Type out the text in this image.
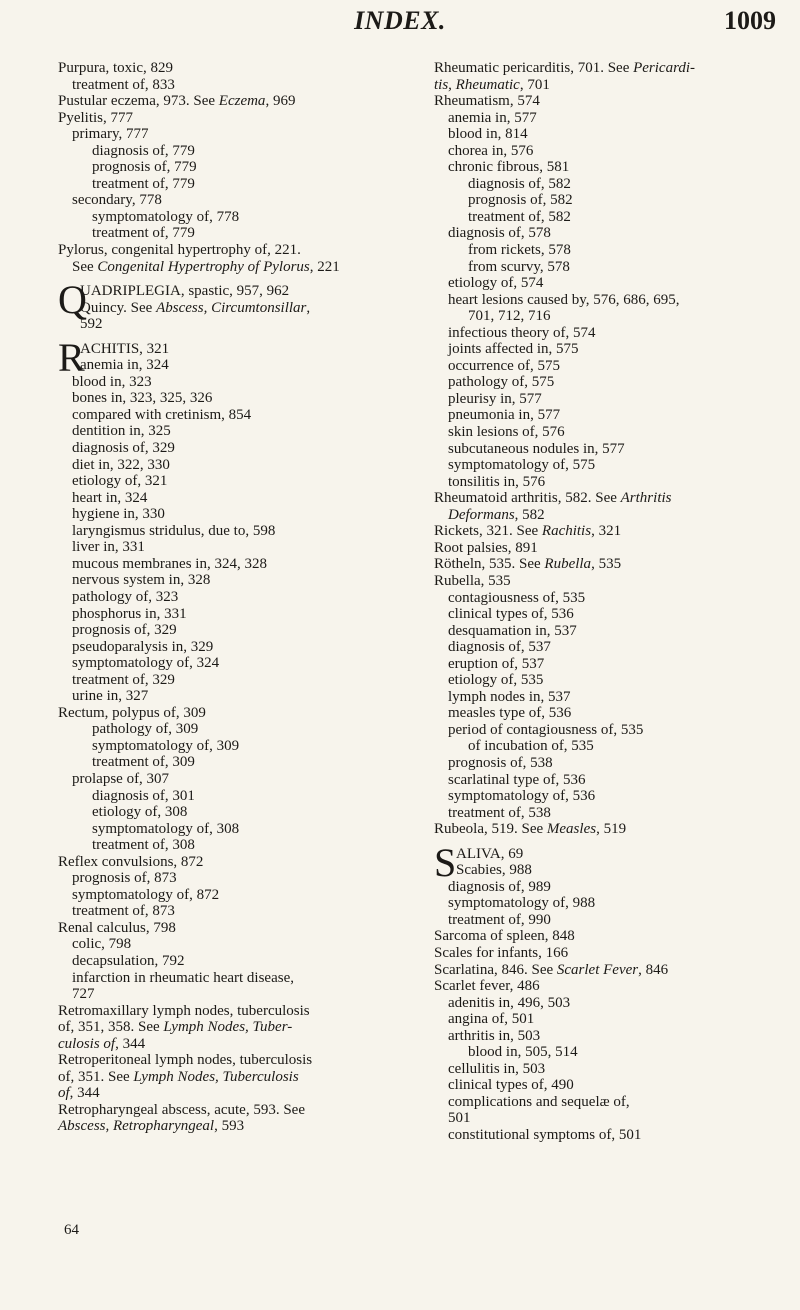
INDEX.	1009
Purpura, toxic, 829
treatment of, 833
Pustular eczema, 973. See Eczema, 969
Pyelitis, 777
primary, 777
diagnosis of, 779
prognosis of, 779
treatment of, 779
secondary, 778
symptomatology of, 778
treatment of, 779
Pylorus, congenital hypertrophy of, 221.
See Congenital Hypertrophy of Pylorus, 221
Q
UADRIPLEGIA, spastic, 957, 962
Quincy. See Abscess, Circumtonsillar,
592
R
ACHITIS, 321
anemia in, 324
blood in, 323
bones in, 323, 325, 326
compared with cretinism, 854
dentition in, 325
diagnosis of, 329
diet in, 322, 330
etiology of, 321
heart in, 324
hygiene in, 330
laryngismus stridulus, due to, 598
liver in, 331
mucous membranes in, 324, 328
nervous system in, 328
pathology of, 323
phosphorus in, 331
prognosis of, 329
pseudoparalysis in, 329
symptomatology of, 324
treatment of, 329
urine in, 327
Rectum, polypus of, 309
pathology of, 309
symptomatology of, 309
treatment of, 309
prolapse of, 307
diagnosis of, 301
etiology of, 308
symptomatology of, 308
treatment of, 308
Reflex convulsions, 872
prognosis of, 873
symptomatology of, 872
treatment of, 873
Renal calculus, 798
colic, 798
decapsulation, 792
infarction in rheumatic heart disease,
727
Retromaxillary lymph nodes, tuberculosis
of, 351, 358. See Lymph Nodes, Tuber-
culosis of, 344
Retroperitoneal lymph nodes, tuberculosis
of, 351. See Lymph Nodes, Tuberculosis
of, 344
Retropharyngeal abscess, acute, 593. See
Abscess, Retropharyngeal, 593
Rheumatic pericarditis, 701. See Pericardi-
tis, Rheumatic, 701
Rheumatism, 574
anemia in, 577
blood in, 814
chorea in, 576
chronic fibrous, 581
diagnosis of, 582
prognosis of, 582
treatment of, 582
diagnosis of, 578
from rickets, 578
from scurvy, 578
etiology of, 574
heart lesions caused by, 576, 686, 695,
701, 712, 716
infectious theory of, 574
joints affected in, 575
occurrence of, 575
pathology of, 575
pleurisy in, 577
pneumonia in, 577
skin lesions of, 576
subcutaneous nodules in, 577
symptomatology of, 575
tonsilitis in, 576
Rheumatoid arthritis, 582. See Arthritis
Deformans, 582
Rickets, 321. See Rachitis, 321
Root palsies, 891
Rötheln, 535. See Rubella, 535
Rubella, 535
contagiousness of, 535
clinical types of, 536
desquamation in, 537
diagnosis of, 537
eruption of, 537
etiology of, 535
lymph nodes in, 537
measles type of, 536
period of contagiousness of, 535
of incubation of, 535
prognosis of, 538
scarlatinal type of, 536
symptomatology of, 536
treatment of, 538
Rubeola, 519. See Measles, 519
S ALIVA, 69
Scabies, 988
diagnosis of, 989
symptomatology of, 988
treatment of, 990
Sarcoma of spleen, 848
Scales for infants, 166
Scarlatina, 846. See Scarlet Fever, 846
Scarlet fever, 486
adenitis in, 496, 503
angina of, 501
arthritis in, 503
blood in, 505, 514
cellulitis in, 503
clinical types of, 490
complications and sequelæ of,
501
constitutional symptoms of, 501
64
